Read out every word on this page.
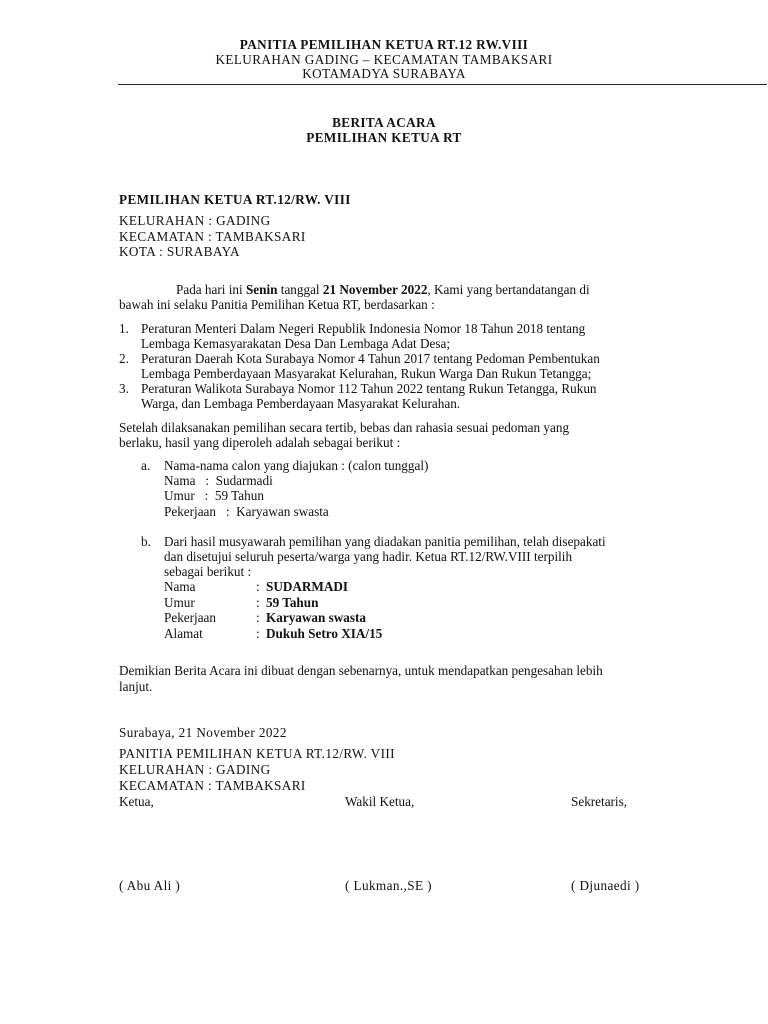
PANITIA PEMILIHAN KETUA RT.12 RW.VIII
KELURAHAN GADING – KECAMATAN TAMBAKSARI
KOTAMADYA SURABAYA
BERITA ACARA
PEMILIHAN KETUA RT
PEMILIHAN KETUA RT.12/RW. VIII
KELURAHAN : GADING
KECAMATAN : TAMBAKSARI
KOTA : SURABAYA
Pada hari ini Senin tanggal 21 November 2022, Kami yang bertandatangan di
bawah ini selaku Panitia Pemilihan Ketua RT, berdasarkan :
1. Peraturan Menteri Dalam Negeri Republik Indonesia Nomor 18 Tahun 2018 tentang
Lembaga Kemasyarakatan Desa Dan Lembaga Adat Desa;
2. Peraturan Daerah Kota Surabaya Nomor 4 Tahun 2017 tentang Pedoman Pembentukan
Lembaga Pemberdayaan Masyarakat Kelurahan, Rukun Warga Dan Rukun Tetangga;
3. Peraturan Walikota Surabaya Nomor 112 Tahun 2022 tentang Rukun Tetangga, Rukun
Warga, dan Lembaga Pemberdayaan Masyarakat Kelurahan.
Setelah dilaksanakan pemilihan secara tertib, bebas dan rahasia sesuai pedoman yang
berlaku, hasil yang diperoleh adalah sebagai berikut :
a. Nama-nama calon yang diajukan : (calon tunggal)
Nama   :  Sudarmadi
Umur   :  59 Tahun
Pekerjaan   :  Karyawan swasta
b. Dari hasil musyawarah pemilihan yang diadakan panitia pemilihan, telah disepakati
dan disetujui seluruh peserta/warga yang hadir. Ketua RT.12/RW.VIII terpilih
sebagai berikut :
Nama	: SUDARMADI
Umur	: 59 Tahun
Pekerjaan	: Karyawan swasta
Alamat	: Dukuh Setro XIA/15
Demikian Berita Acara ini dibuat dengan sebenarnya, untuk mendapatkan pengesahan lebih
lanjut.
Surabaya, 21 November 2022
PANITIA PEMILIHAN KETUA RT.12/RW. VIII
KELURAHAN : GADING
KECAMATAN : TAMBAKSARI
Ketua,	Wakil Ketua,	Sekretaris,
( Abu Ali )	( Lukman.,SE )	( Djunaedi )
